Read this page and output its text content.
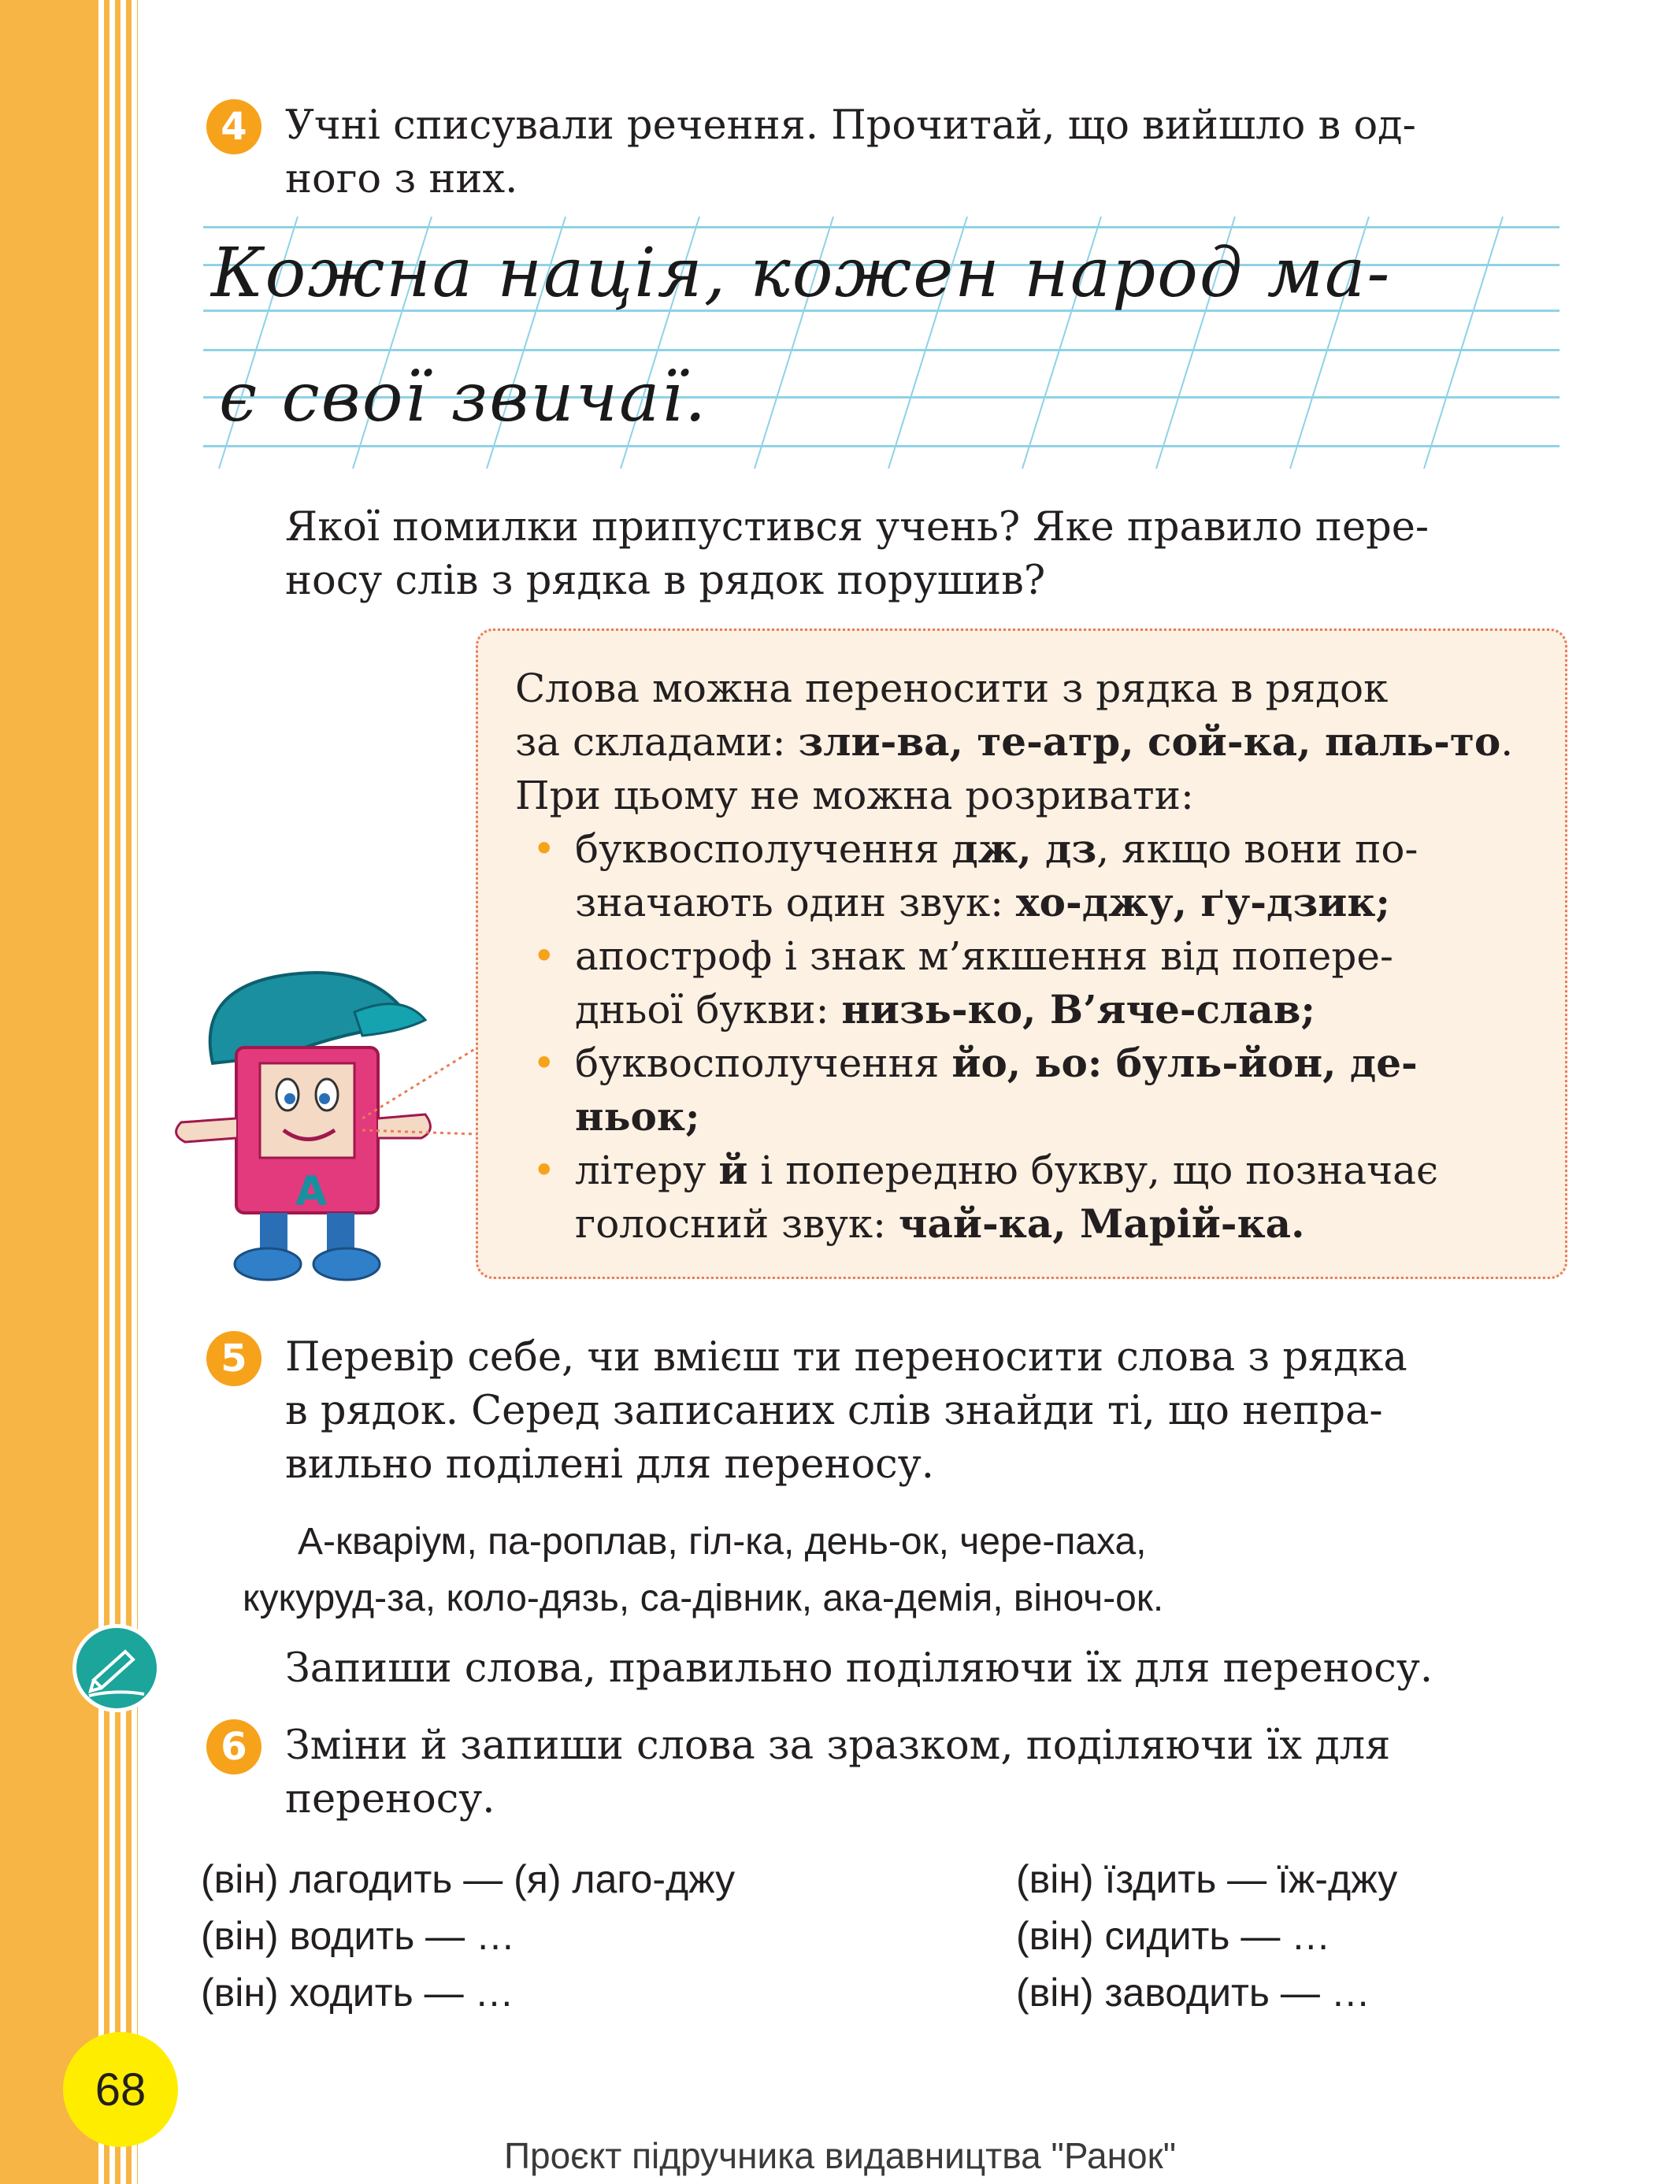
4 Учні списували речення. Прочитай, що вийшло в од-
ного з них.
Кожна нація, кожен народ ма-
є свої звичаї.
Якої помилки припустився учень? Яке правило пере-
носу слів з рядка в рядок порушив?

Слова можна переносити з рядка в рядок

за складами: зли-ва, те-атр, сой-ка, паль-то.

При цьому не можна розривати:

• буквосполучення дж, дз, якщо вони по-
значають один звук: хо-джу, ґу-дзик;
• апостроф і знак м’якшення від попере-
дньої букви: низь-ко, В’яче-слав;
• буквосполучення йо, ьо: буль-йон, де-
ньок;
• літеру й і попередню букву, що позначає
голосний звук: чай-ка, Марій-ка.
А
5 Перевір себе, чи вмієш ти переносити слова з рядка
в рядок. Серед записаних слів знайди ті, що непра-
вильно поділені для переносу.
А-кваріум, па-роплав, гіл-ка, день-ок, чере-паха,
кукуруд-за, коло-дязь, са-дівник, ака-демія, віноч-ок.
Запиши слова, правильно поділяючи їх для переносу.
6 Зміни й запиши слова за зразком, поділяючи їх для
переносу.
(він) лагодить — (я) лаго-джу
(він) водить — …
(він) ходить — …
(він) їздить — їж-джу
(він) сидить — …
(він) заводить — …
68
Проєкт підручника видавництва "Ранок"
